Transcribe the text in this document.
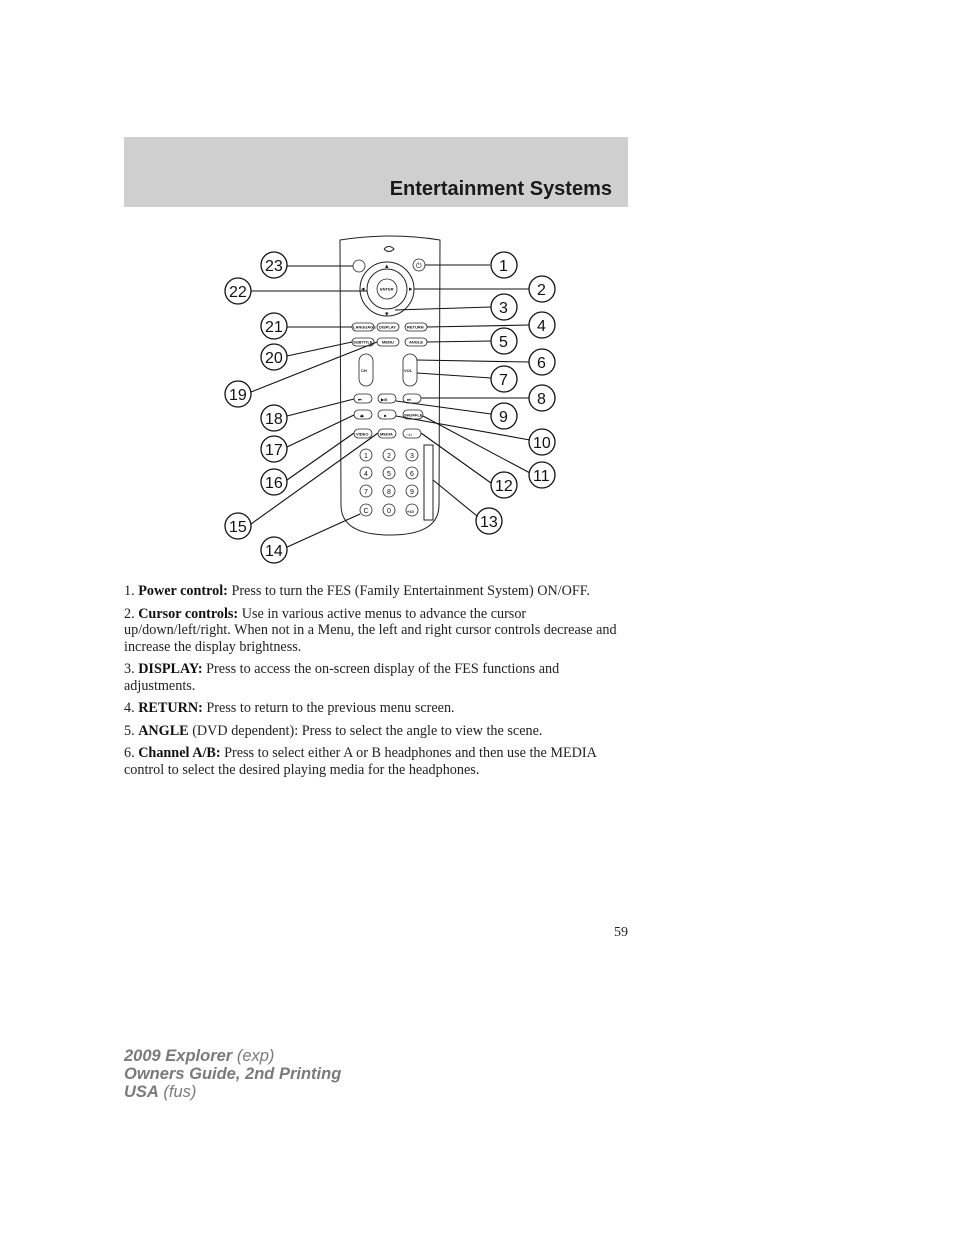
Entertainment Systems
⏻
ENTER
▴
▾
◂	▸
LANGUAGE DISPLAY	RETURN
SUBTITLE MENU	ANGLE
CH	VOL
⏮	▶/II	⏭
⏏	■	SHUFFLE
VIDEO	MEDIA	∩/◖
1	2	3
4	5	6
7	8	9
C	0	+10
1
2
3
4
5
6
7
8
9
10
11
12
13
14
15
16
17
18
19
20
21
22
23

1. Power control: Press to turn the FES (Family Entertainment System) ON/OFF.

2. Cursor controls: Use in various active menus to advance the cursor up/down/left/right. When not in a Menu, the left and right cursor controls decrease and increase the display brightness.

3. DISPLAY: Press to access the on-screen display of the FES functions and adjustments.

4. RETURN: Press to return to the previous menu screen.

5. ANGLE (DVD dependent): Press to select the angle to view the scene.

6. Channel A/B: Press to select either A or B headphones and then use the MEDIA control to select the desired playing media for the headphones.

59
2009 Explorer (exp)
Owners Guide, 2nd Printing
USA (fus)
